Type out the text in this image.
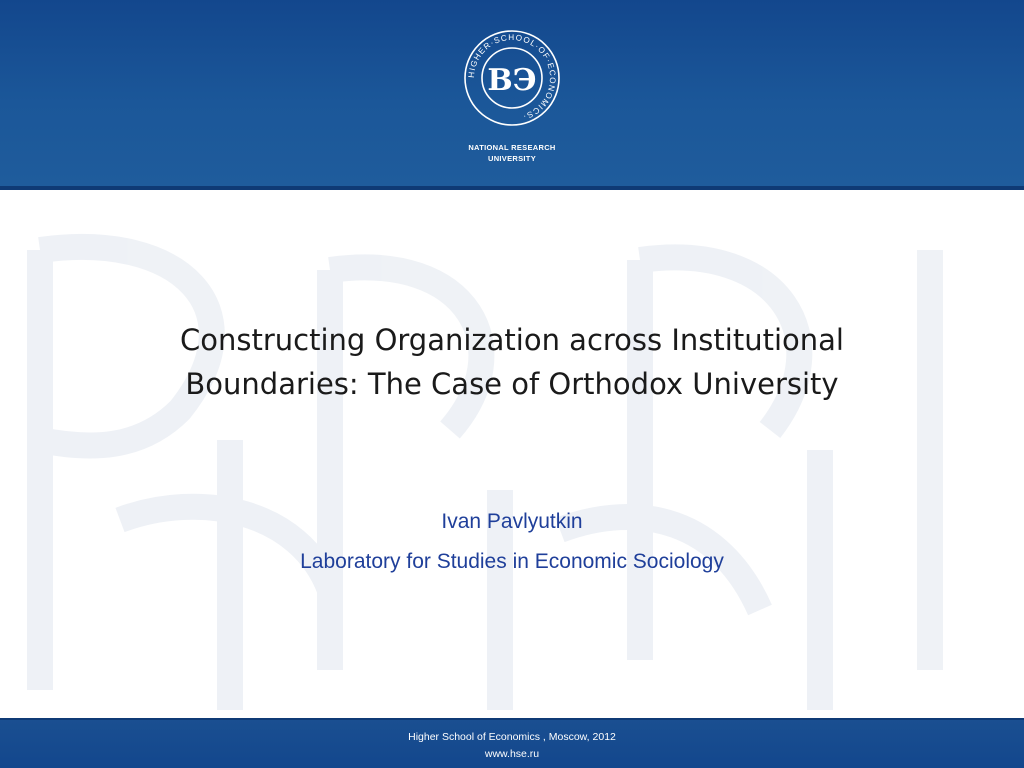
HIGHER·SCHOOL·OF·ECONOMICS·
ВЭ
NATIONAL RESEARCH
UNIVERSITY
Constructing Organization across Institutional
Boundaries: The Case of Orthodox University
Ivan Pavlyutkin
Laboratory for Studies in Economic Sociology
Higher School of Economics , Moscow, 2012
www.hse.ru
